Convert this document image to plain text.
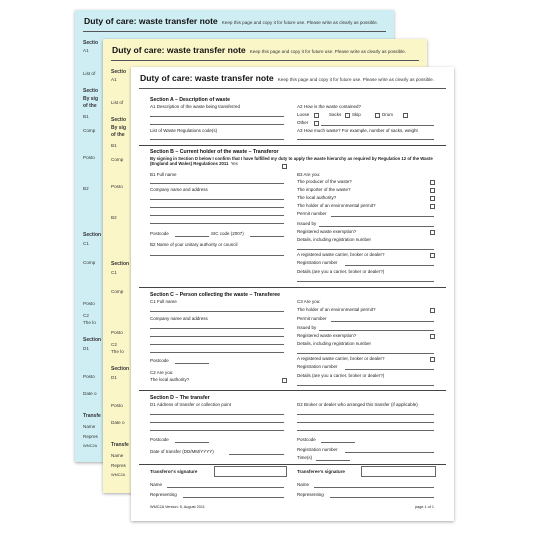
Duty of care: waste transfer note Keep this page and copy it for future use. Please write as clearly as possible.
Sectio
A1
List of
Sectio
By sig
of the
B1
Comp
Posto
B2
Section
C1
Comp
Posto
C2
The lo
Section
D1
Posto
Date o
Transfe
Name
Repres
WMC2A
Duty of care: waste transfer note Keep this page and copy it for future use. Please write as clearly as possible.
Sectio
A1
List of
Sectio
By sig
of the
B1
Comp
Posto
B2
Section
C1
Comp
Posto
C2
The lo
Section
D1
Posto
Date o
Transfe
Name
Repres
WMC2A
Duty of care: waste transfer note Keep this page and copy it for future use. Please write as clearly as possible.
Section A – Description of waste
A1 Description of the waste being transferred
List of Waste Regulations code(s)
A2 How is the waste contained?
Loose	Sacks Skip	Drum
Other
A3 How much waste? For example, number of sacks, weight
Section B – Current holder of the waste – Transferor
By signing in Section D below I confirm that I have fulfilled my duty to apply the waste hierarchy as required by Regulation 12 of the Waste (England and Wales) Regulations 2011 Yes
B1 Full name
Company name and address
Postcode	SIC code (2007)
B2 Name of your unitary authority or council
B3 Are you:
The producer of the waste?
The importer of the waste?
The local authority?
The holder of an environmental permit?
Permit number
Issued by
Registered waste exemption?
Details, including registration number
A registered waste carrier, broker or dealer?
Registration number
Details (are you a carrier, broker or dealer?)
Section C – Person collecting the waste – Transferee
C1 Full name
Company name and address
Postcode
C2 Are you:
The local authority?
C3 Are you:
The holder of an environmental permit?
Permit number
Issued by
Registered waste exemption?
Details, including registration number
A registered waste carrier, broker or dealer?
Registration number
Details (are you a carrier, broker or dealer?)
Section D – The transfer
D1 Address of transfer or collection point
Postcode
Date of transfer (DD/MM/YYYY)
D2 Broker or dealer who arranged this transfer (if applicable)
Postcode
Registration number
Time(s)
Transferor's signature
Name
Representing
Transferee's signature
Name
Representing
WMC2A Version: 5, August 2011	page 1 of 1
